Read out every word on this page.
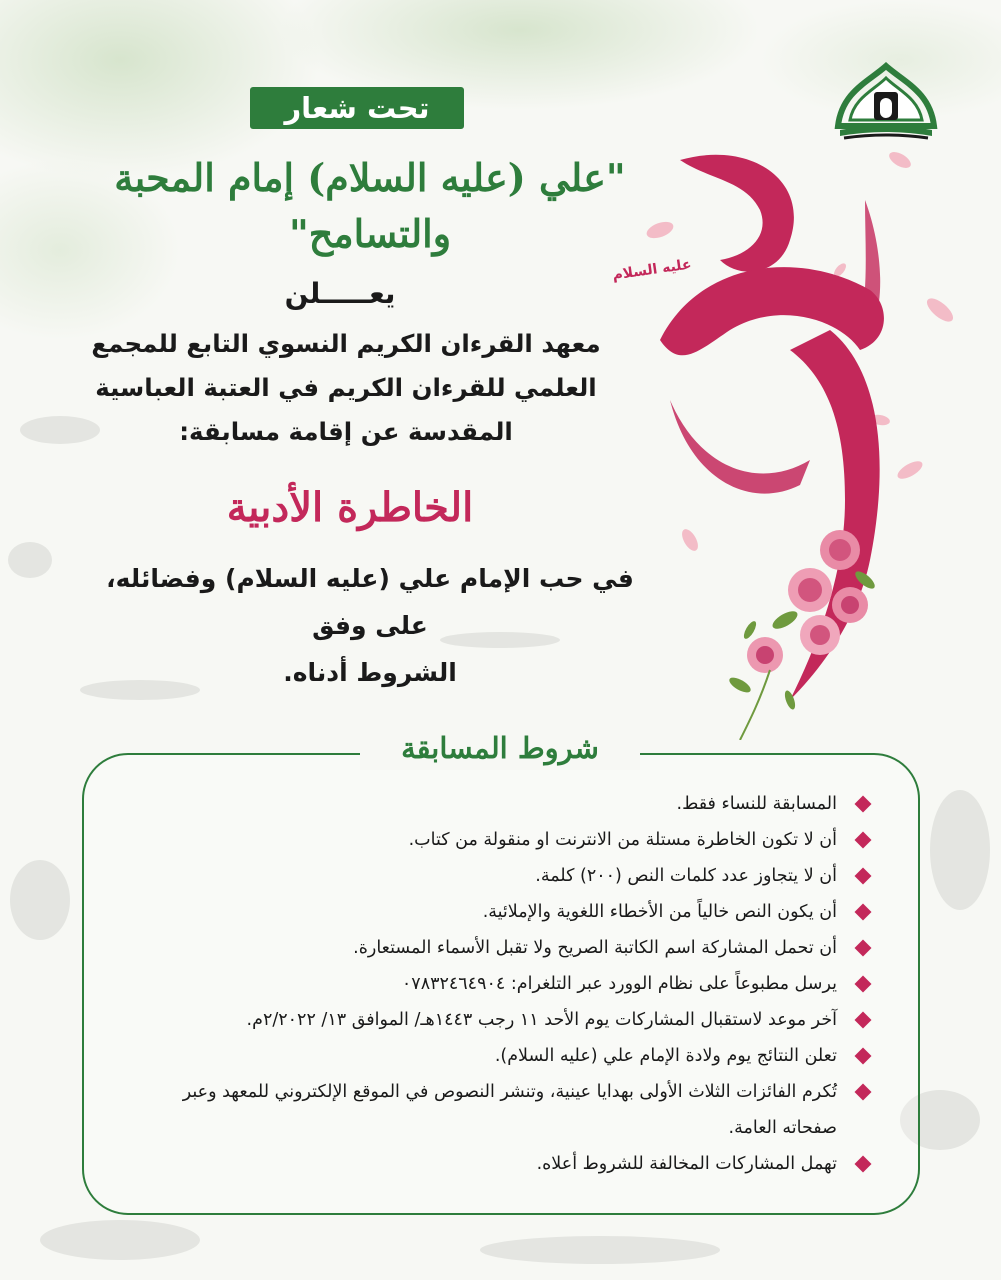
عليه السلام
تحت شعار
"علي (عليه السلام) إمام المحبة والتسامح"
يعـــــلن
معهد القرءان الكريم النسوي التابع للمجمع
العلمي للقرءان الكريم في العتبة العباسية
المقدسة عن إقامة مسابقة:
الخاطرة الأدبية
في حب الإمام علي (عليه السلام) وفضائله، على وفق
الشروط أدناه.
شروط المسابقة
المسابقة للنساء فقط.
أن لا تكون الخاطرة مستلة من الانترنت او منقولة من كتاب.
أن لا يتجاوز عدد كلمات النص (٢٠٠) كلمة.
أن يكون النص خالياً من الأخطاء اللغوية والإملائية.
أن تحمل المشاركة اسم الكاتبة الصريح ولا تقبل الأسماء المستعارة.
يرسل مطبوعاً على نظام الوورد عبر التلغرام: ٠٧٨٣٢٤٦٤٩٠٤
آخر موعد لاستقبال المشاركات يوم الأحد ١١ رجب ١٤٤٣هـ/ الموافق ١٣/ ٢/٢٠٢٢م.
تعلن النتائج يوم ولادة الإمام علي (عليه السلام).
تُكرم الفائزات الثلاث الأولى بهدايا عينية، وتنشر النصوص في الموقع الإلكتروني للمعهد وعبر صفحاته العامة.
تهمل المشاركات المخالفة للشروط أعلاه.
